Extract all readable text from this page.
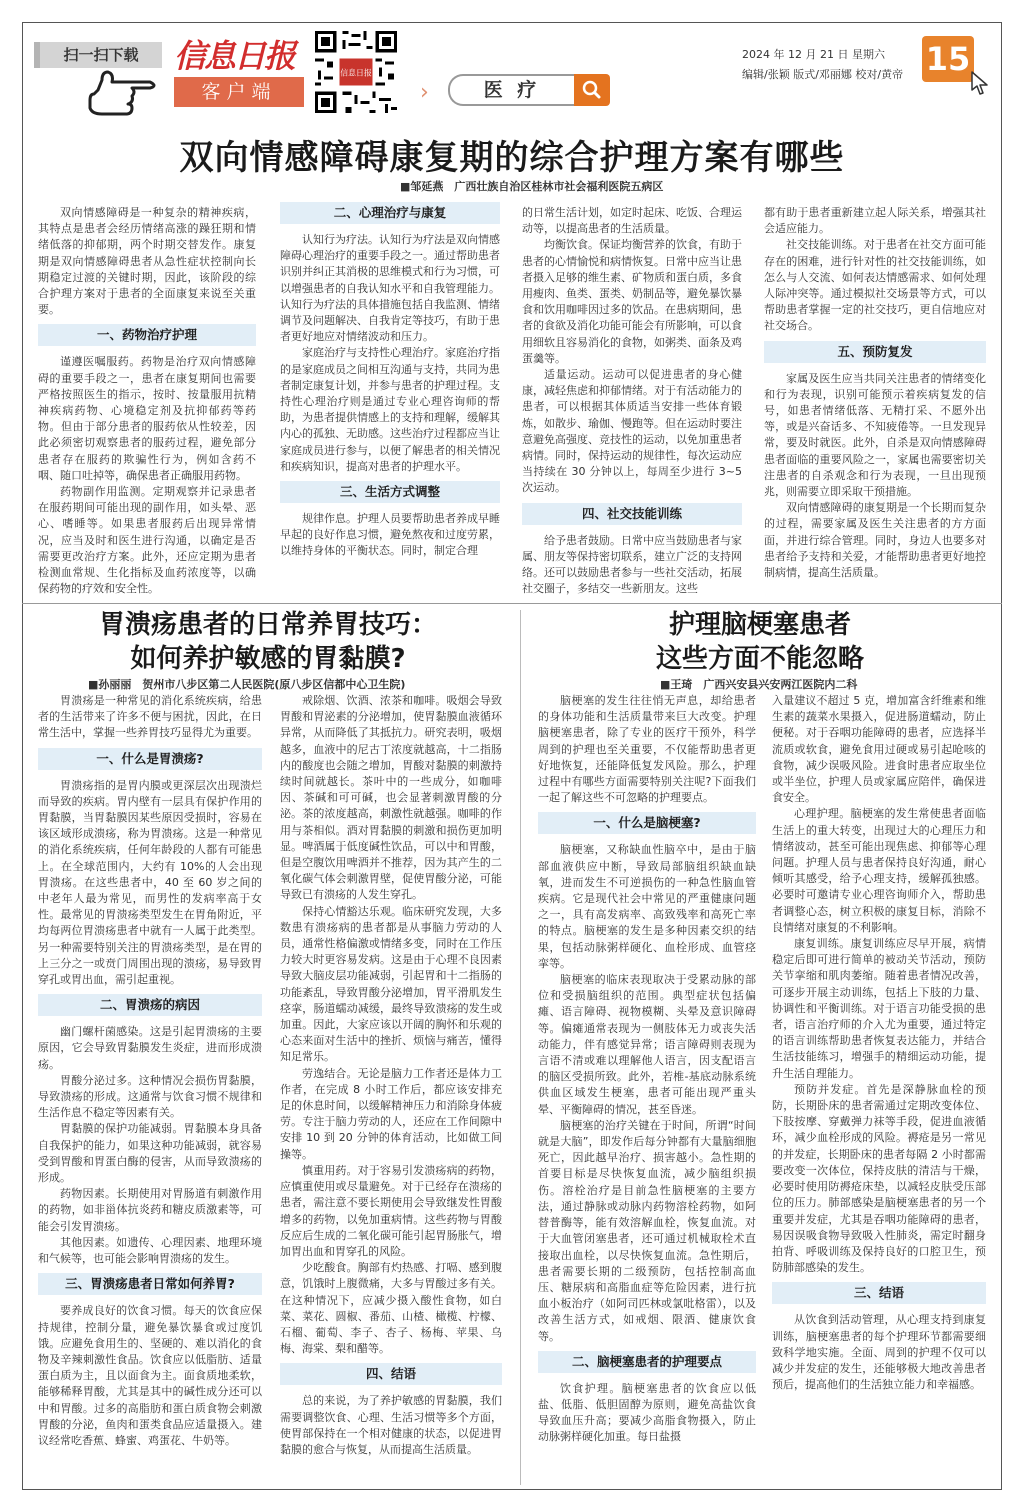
扫一扫下载	信息日报
客户端
信息日报
›	医 疗
2024 年 12 月 21 日 星期六
编辑/张颖 版式/邓丽娜 校对/黄帝 15
双向情感障碍康复期的综合护理方案有哪些
■邹延燕　广西壮族自治区桂林市社会福利医院五病区

双向情感障碍是一种复杂的精神疾病，其特点是患者会经历情绪高涨的躁狂期和情绪低落的抑郁期，两个时期交替发作。康复期是双向情感障碍患者从急性症状控制向长期稳定过渡的关键时期，因此，该阶段的综合护理方案对于患者的全面康复来说至关重要。

一、药物治疗护理

谨遵医嘱服药。药物是治疗双向情感障碍的重要手段之一，患者在康复期间也需要严格按照医生的指示，按时、按量服用抗精神疾病药物、心境稳定剂及抗抑郁药等药物。但由于部分患者的服药依从性较差，因此必须密切观察患者的服药过程，避免部分患者存在服药的欺骗性行为，例如含药不咽、随口吐掉等，确保患者正确服用药物。

药物副作用监测。定期观察并记录患者在服药期间可能出现的副作用，如头晕、恶心、嗜睡等。如果患者服药后出现异常情况，应当及时和医生进行沟通，以确定是否需要更改治疗方案。此外，还应定期为患者检测血常规、生化指标及血药浓度等，以确保药物的疗效和安全性。

二、心理治疗与康复

认知行为疗法。认知行为疗法是双向情感障碍心理治疗的重要手段之一。通过帮助患者识别并纠正其消极的思维模式和行为习惯，可以增强患者的自我认知水平和自我管理能力。认知行为疗法的具体措施包括自我监测、情绪调节及问题解决、自我肯定等技巧，有助于患者更好地应对情绪波动和压力。

家庭治疗与支持性心理治疗。家庭治疗指的是家庭成员之间相互沟通与支持，共同为患者制定康复计划，并参与患者的护理过程。支持性心理治疗则是通过专业心理咨询师的帮助，为患者提供情感上的支持和理解，缓解其内心的孤独、无助感。这些治疗过程都应当让家庭成员进行参与，以便了解患者的相关情况和疾病知识，提高对患者的护理水平。

三、生活方式调整

规律作息。护理人员要帮助患者养成早睡早起的良好作息习惯，避免熬夜和过度劳累，以维持身体的平衡状态。同时，制定合理

的日常生活计划，如定时起床、吃饭、合理运动等，以提高患者的生活质量。

均衡饮食。保证均衡营养的饮食，有助于患者的心情愉悦和病情恢复。日常中应当让患者摄入足够的维生素、矿物质和蛋白质，多食用瘦肉、鱼类、蛋类、奶制品等，避免暴饮暴食和饮用咖啡因过多的饮品。在患病期间，患者的食欲及消化功能可能会有所影响，可以食用细软且容易消化的食物，如粥类、面条及鸡蛋羹等。

适量运动。运动可以促进患者的身心健康，减轻焦虑和抑郁情绪。对于有活动能力的患者，可以根据其体质适当安排一些体育锻炼，如散步、瑜伽、慢跑等。但在运动时要注意避免高强度、竞技性的运动，以免加重患者病情。同时，保持运动的规律性，每次运动应当持续在 30 分钟以上，每周至少进行 3~5 次运动。

四、社交技能训练

给予患者鼓励。日常中应当鼓励患者与家属、朋友等保持密切联系，建立广泛的支持网络。还可以鼓励患者参与一些社交活动，拓展社交圈子，多结交一些新朋友。这些

都有助于患者重新建立起人际关系，增强其社会适应能力。

社交技能训练。对于患者在社交方面可能存在的困难，进行针对性的社交技能训练，如怎么与人交流、如何表达情感需求、如何处理人际冲突等。通过模拟社交场景等方式，可以帮助患者掌握一定的社交技巧，更自信地应对社交场合。

五、预防复发

家属及医生应当共同关注患者的情绪变化和行为表现，识别可能预示着疾病复发的信号，如患者情绪低落、无精打采、不愿外出等，或是兴奋话多、不知疲倦等。一旦发现异常，要及时就医。此外，自杀是双向情感障碍患者面临的重要风险之一，家属也需要密切关注患者的自杀观念和行为表现，一旦出现预兆，则需要立即采取干预措施。

双向情感障碍的康复期是一个长期而复杂的过程，需要家属及医生关注患者的方方面面，并进行综合管理。同时，身边人也要多对患者给予支持和关爱，才能帮助患者更好地控制病情，提高生活质量。

胃溃疡患者的日常养胃技巧：
如何养护敏感的胃黏膜?
■孙丽丽　贺州市八步区第二人民医院(原八步区信都中心卫生院)

胃溃疡是一种常见的消化系统疾病，给患者的生活带来了许多不便与困扰，因此，在日常生活中，掌握一些养胃技巧显得尤为重要。

一、什么是胃溃疡?

胃溃疡指的是胃内膜或更深层次出现溃烂而导致的疾病。胃内壁有一层具有保护作用的胃黏膜，当胃黏膜因某些原因受损时，容易在该区域形成溃疡，称为胃溃疡。这是一种常见的消化系统疾病，任何年龄段的人都有可能患上。在全球范围内，大约有 10%的人会出现胃溃疡。在这些患者中，40 至 60 岁之间的中老年人最为常见，而男性的发病率高于女性。最常见的胃溃疡类型发生在胃角附近，平均每两位胃溃疡患者中就有一人属于此类型。另一种需要特别关注的胃溃疡类型，是在胃的上三分之一或贲门周围出现的溃疡，易导致胃穿孔或胃出血，需引起重视。

二、胃溃疡的病因

幽门螺杆菌感染。这是引起胃溃疡的主要原因，它会导致胃黏膜发生炎症，进而形成溃疡。

胃酸分泌过多。这种情况会损伤胃黏膜，导致溃疡的形成。这通常与饮食习惯不规律和生活作息不稳定等因素有关。

胃黏膜的保护功能减弱。胃黏膜本身具备自我保护的能力，如果这种功能减弱，就容易受到胃酸和胃蛋白酶的侵害，从而导致溃疡的形成。

药物因素。长期使用对胃肠道有刺激作用的药物，如非甾体抗炎药和糖皮质激素等，可能会引发胃溃疡。

其他因素。如遗传、心理因素、地理环境和气候等，也可能会影响胃溃疡的发生。

三、胃溃疡患者日常如何养胃?

要养成良好的饮食习惯。每天的饮食应保持规律，控制分量，避免暴饮暴食或过度饥饿。应避免食用生的、坚硬的、难以消化的食物及辛辣刺激性食品。饮食应以低脂肪、适量蛋白质为主，且以面食为主。面食质地柔软，能够稀释胃酸，尤其是其中的碱性成分还可以中和胃酸。过多的高脂肪和蛋白质食物会刺激胃酸的分泌，鱼肉和蛋类食品应适量摄入。建议经常吃香蕉、蜂蜜、鸡蛋花、牛奶等。

戒除烟、饮酒、浓茶和咖啡。吸烟会导致胃酸和胃泌素的分泌增加，使胃黏膜血液循环异常，从而降低了其抵抗力。研究表明，吸烟越多，血液中的尼古丁浓度就越高，十二指肠内的酸度也会随之增加，胃酸对黏膜的刺激持续时间就越长。茶叶中的一些成分，如咖啡因、茶碱和可可碱，也会显著刺激胃酸的分泌。茶的浓度越高，刺激性就越强。咖啡的作用与茶相似。酒对胃黏膜的刺激和损伤更加明显。啤酒属于低度碱性饮品，可以中和胃酸，但是空腹饮用啤酒并不推荐，因为其产生的二氧化碳气体会刺激胃壁，促使胃酸分泌，可能导致已有溃疡的人发生穿孔。

保持心情豁达乐观。临床研究发现，大多数患有溃疡病的患者都是从事脑力劳动的人员，通常性格偏激或情绪多变，同时在工作压力较大时更容易发病。这是由于心理不良因素导致大脑皮层功能减弱，引起胃和十二指肠的功能紊乱，导致胃酸分泌增加，胃平滑肌发生痉挛，肠道蠕动减缓，最终导致溃疡的发生或加重。因此，大家应该以开阔的胸怀和乐观的心态来面对生活中的挫折、烦恼与痛苦，懂得知足常乐。

劳逸结合。无论是脑力工作者还是体力工作者，在完成 8 小时工作后，都应该安排充足的休息时间，以缓解精神压力和消除身体疲劳。专注于脑力劳动的人，还应在工作间隙中安排 10 到 20 分钟的体育活动，比如做工间操等。

慎重用药。对于容易引发溃疡病的药物，应慎重使用或尽量避免。对于已经存在溃疡的患者，需注意不要长期使用会导致继发性胃酸增多的药物，以免加重病情。这些药物与胃酸反应后生成的二氧化碳可能引起胃肠胀气，增加胃出血和胃穿孔的风险。

少吃酸食。胸部有灼热感、打嗝、感到腹意，饥饿时上腹微痛，大多与胃酸过多有关。在这种情况下，应减少摄入酸性食物，如白菜、菜花、圆椒、番茄、山楂、橄榄、柠檬、石榴、葡萄、李子、杏子、杨梅、苹果、乌梅、海棠、梨和醋等。

四、结语

总的来说，为了养护敏感的胃黏膜，我们需要调整饮食、心理、生活习惯等多个方面，使胃部保持在一个相对健康的状态，以促进胃黏膜的愈合与恢复，从而提高生活质量。

护理脑梗塞患者
这些方面不能忽略
■王琦　广西兴安县兴安两江医院内二科

脑梗塞的发生往往悄无声息，却给患者的身体功能和生活质量带来巨大改变。护理脑梗塞患者，除了专业的医疗干预外，科学周到的护理也至关重要，不仅能帮助患者更好地恢复，还能降低复发风险。那么，护理过程中有哪些方面需要特别关注呢?下面我们一起了解这些不可忽略的护理要点。

一、什么是脑梗塞?

脑梗塞，又称缺血性脑卒中，是由于脑部血液供应中断，导致局部脑组织缺血缺氧，进而发生不可逆损伤的一种急性脑血管疾病。它是现代社会中常见的严重健康问题之一，具有高发病率、高致残率和高死亡率的特点。脑梗塞的发生是多种因素交织的结果，包括动脉粥样硬化、血栓形成、血管痉挛等。

脑梗塞的临床表现取决于受累动脉的部位和受损脑组织的范围。典型症状包括偏瘫、语言障碍、视物模糊、头晕及意识障碍等。偏瘫通常表现为一侧肢体无力或丧失活动能力，伴有感觉异常；语言障碍则表现为言语不清或难以理解他人语言，因支配语言的脑区受损所致。此外，若椎-基底动脉系统供血区域发生梗塞，患者可能出现严重头晕、平衡障碍的情况，甚至昏迷。

脑梗塞的治疗关键在于时间，所谓“时间就是大脑”，即发作后每分钟都有大量脑细胞死亡，因此越早治疗、损害越小。急性期的首要目标是尽快恢复血流，减少脑组织损伤。溶栓治疗是目前急性脑梗塞的主要方法，通过静脉或动脉内药物溶栓药物，如阿替普酶等，能有效溶解血栓，恢复血流。对于大血管闭塞患者，还可通过机械取栓术直接取出血栓，以尽快恢复血流。急性期后，患者需要长期的二级预防，包括控制高血压、糖尿病和高脂血症等危险因素，进行抗血小板治疗（如阿司匹林或氯吡格雷），以及改善生活方式，如戒烟、限酒、健康饮食等。

二、脑梗塞患者的护理要点

饮食护理。脑梗塞患者的饮食应以低盐、低脂、低胆固醇为原则，避免高盐饮食导致血压升高；要减少高脂食物摄入，防止动脉粥样硬化加重。每日盐摄

入量建议不超过 5 克，增加富含纤维素和维生素的蔬菜水果摄入，促进肠道蠕动，防止便秘。对于吞咽功能障碍的患者，应选择半流质或软食，避免食用过硬或易引起呛咳的食物，减少误吸风险。进食时患者应取坐位或半坐位，护理人员或家属应陪伴，确保进食安全。

心理护理。脑梗塞的发生常使患者面临生活上的重大转变，出现过大的心理压力和情绪波动，甚至可能出现焦虑、抑郁等心理问题。护理人员与患者保持良好沟通，耐心倾听其感受，给予心理支持，缓解孤独感。必要时可邀请专业心理咨询师介入，帮助患者调整心态，树立积极的康复目标，消除不良情绪对康复的不利影响。

康复训练。康复训练应尽早开展，病情稳定后即可进行简单的被动关节活动，预防关节挛缩和肌肉萎缩。随着患者情况改善，可逐步开展主动训练，包括上下肢的力量、协调性和平衡训练。对于语言功能受损的患者，语言治疗师的介入尤为重要，通过特定的语言训练帮助患者恢复表达能力，并结合生活技能练习，增强手的精细运动功能，提升生活自理能力。

预防并发症。首先是深静脉血栓的预防，长期卧床的患者需通过定期改变体位、下肢按摩、穿戴弹力袜等手段，促进血液循环，减少血栓形成的风险。褥疮是另一常见的并发症，长期卧床的患者每隔 2 小时都需要改变一次体位，保持皮肤的清洁与干燥，必要时使用防褥疮床垫，以减轻皮肤受压部位的压力。肺部感染是脑梗塞患者的另一个重要并发症，尤其是吞咽功能障碍的患者，易因误吸食物导致吸入性肺炎，需定时翻身拍背、呼吸训练及保持良好的口腔卫生，预防肺部感染的发生。

三、结语

从饮食到活动管理，从心理支持到康复训练，脑梗塞患者的每个护理环节都需要细致科学地实施。全面、周到的护理不仅可以减少并发症的发生，还能够极大地改善患者预后，提高他们的生活独立能力和幸福感。
